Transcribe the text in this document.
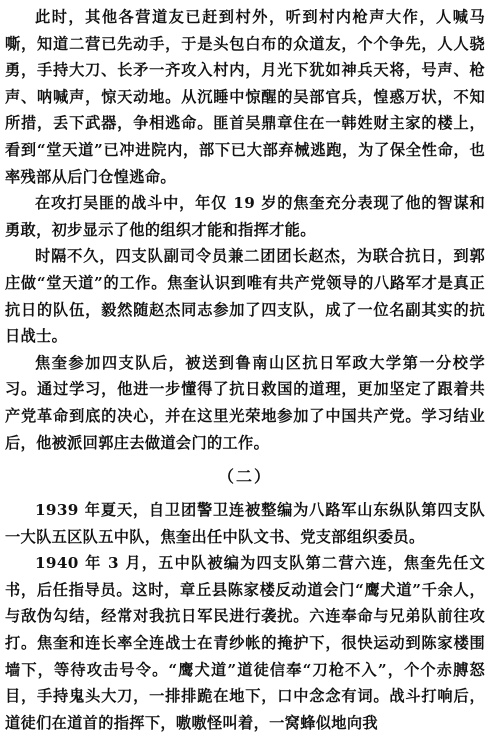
此时，其他各营道友已赶到村外，听到村内枪声大作，人喊马嘶，知道二营已先动手，于是头包白布的众道友，个个争先，人人骁勇，手持大刀、长矛一齐攻入村内，月光下犹如神兵天将，号声、枪声、呐喊声，惊天动地。从沉睡中惊醒的吴部官兵，惶惑万状，不知所措，丢下武器，争相逃命。匪首吴鼎章住在一韩姓财主家的楼上，看到“堂天道”已冲进院内，部下已大部弃械逃跑，为了保全性命，也率残部从后门仓惶逃命。

在攻打吴匪的战斗中，年仅 19 岁的焦奎充分表现了他的智谋和勇敢，初步显示了他的组织才能和指挥才能。

时隔不久，四支队副司令员兼二团团长赵杰，为联合抗日，到郭庄做“堂天道”的工作。焦奎认识到唯有共产党领导的八路军才是真正抗日的队伍，毅然随赵杰同志参加了四支队，成了一位名副其实的抗日战士。

焦奎参加四支队后，被送到鲁南山区抗日军政大学第一分校学习。通过学习，他进一步懂得了抗日救国的道理，更加坚定了跟着共产党革命到底的决心，并在这里光荣地参加了中国共产党。学习结业后，他被派回郭庄去做道会门的工作。

（二）

1939 年夏天，自卫团警卫连被整编为八路军山东纵队第四支队一大队五区队五中队，焦奎出任中队文书、党支部组织委员。

1940 年 3 月，五中队被编为四支队第二营六连，焦奎先任文书，后任指导员。这时，章丘县陈家楼反动道会门“鹰犬道”千余人，与敌伪勾结，经常对我抗日军民进行袭扰。六连奉命与兄弟队前往攻打。焦奎和连长率全连战士在青纱帐的掩护下，很快运动到陈家楼围墙下，等待攻击号令。“鹰犬道”道徒信奉“刀枪不入”，个个赤膊怒目，手持鬼头大刀，一排排跪在地下，口中念念有词。战斗打响后，道徒们在道首的指挥下，嗷嗷怪叫着，一窝蜂似地向我
